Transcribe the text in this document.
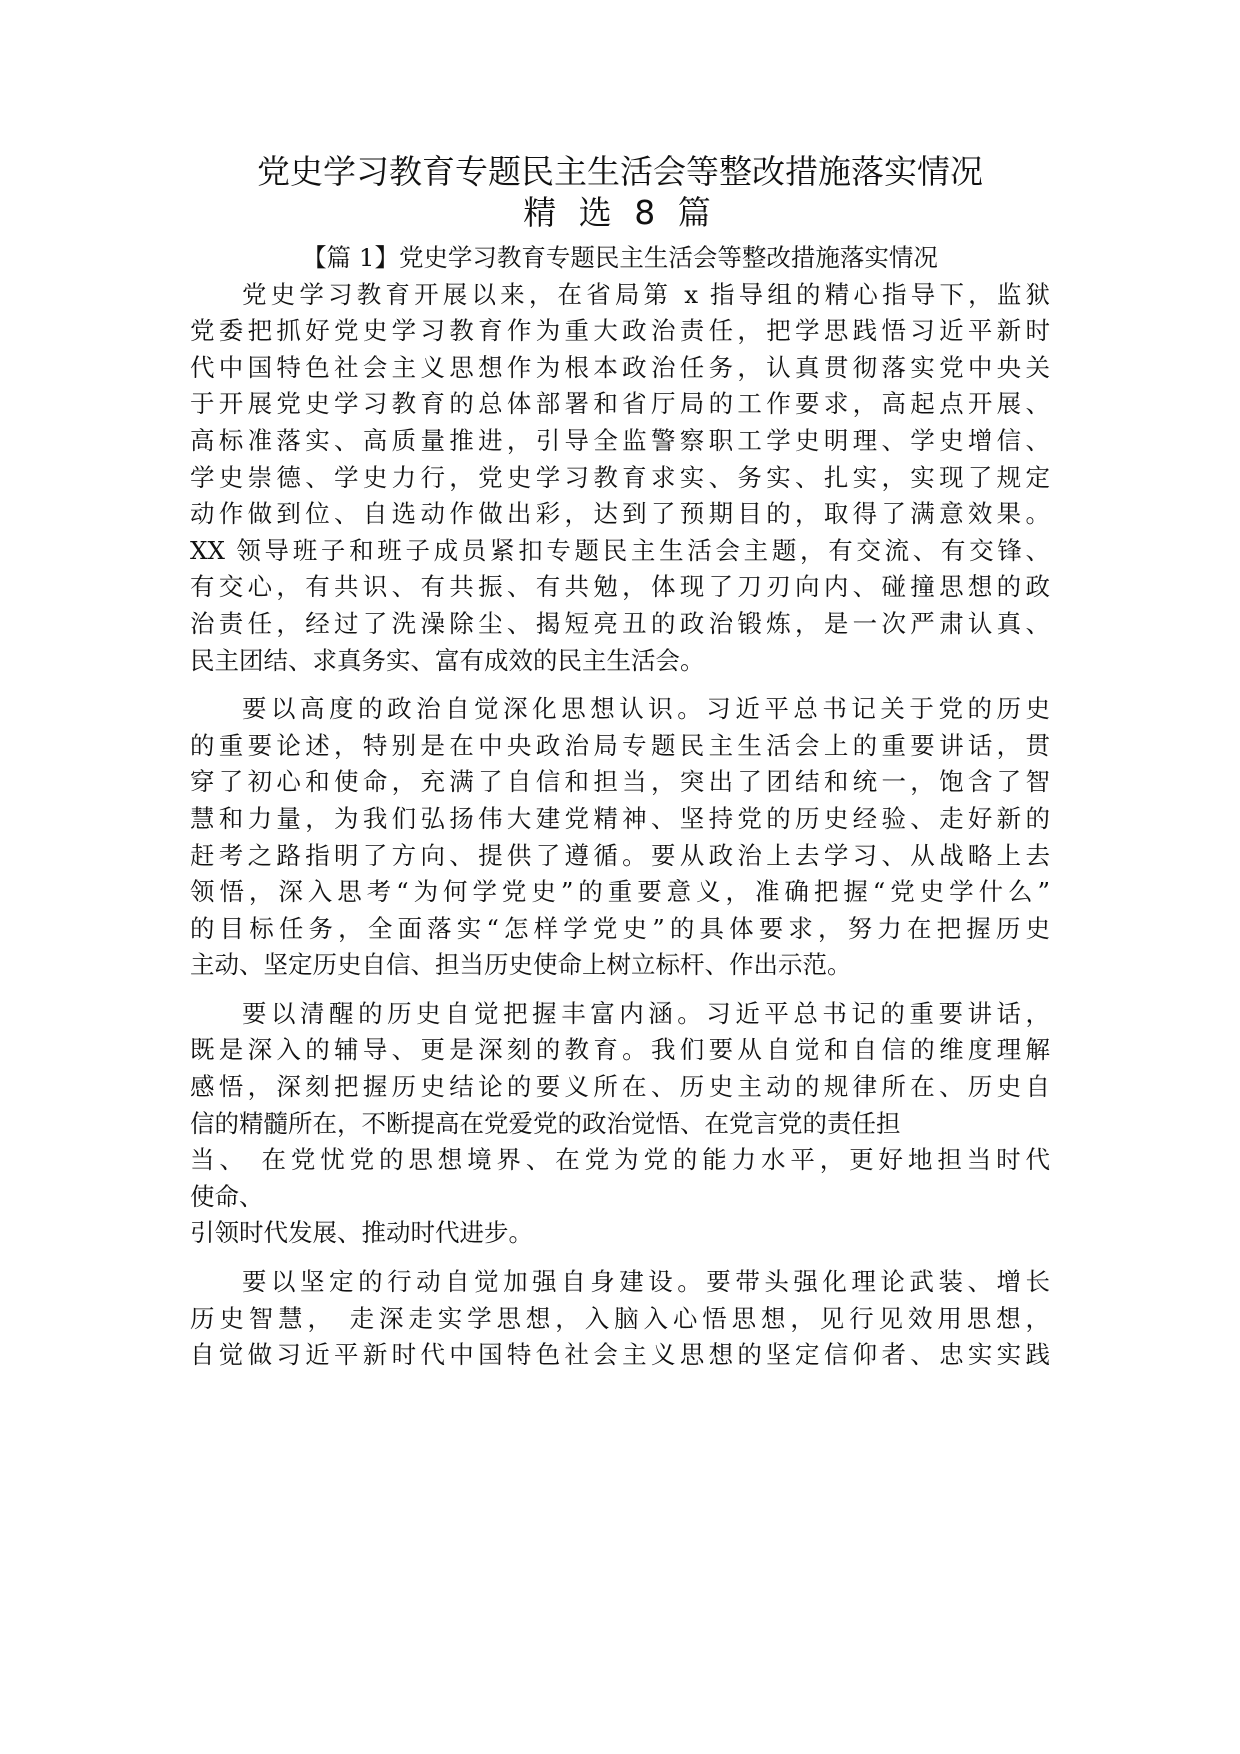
党史学习教育专题民主生活会等整改措施落实情况
精 选 8 篇
【篇 1】党史学习教育专题民主生活会等整改措施落实情况
党史学习教育开展以来，在省局第 x 指导组的精心指导下，监狱
党委把抓好党史学习教育作为重大政治责任，把学思践悟习近平新时
代中国特色社会主义思想作为根本政治任务，认真贯彻落实党中央关
于开展党史学习教育的总体部署和省厅局的工作要求，高起点开展、
高标准落实、高质量推进，引导全监警察职工学史明理、学史增信、
学史崇德、学史力行，党史学习教育求实、务实、扎实，实现了规定
动作做到位、自选动作做出彩，达到了预期目的，取得了满意效果。
XX 领导班子和班子成员紧扣专题民主生活会主题，有交流、有交锋、
有交心，有共识、有共振、有共勉，体现了刀刃向内、碰撞思想的政
治责任，经过了洗澡除尘、揭短亮丑的政治锻炼，是一次严肃认真、
民主团结、求真务实、富有成效的民主生活会。
要以高度的政治自觉深化思想认识。习近平总书记关于党的历史
的重要论述，特别是在中央政治局专题民主生活会上的重要讲话，贯
穿了初心和使命，充满了自信和担当，突出了团结和统一，饱含了智
慧和力量，为我们弘扬伟大建党精神、坚持党的历史经验、走好新的
赶考之路指明了方向、提供了遵循。要从政治上去学习、从战略上去
领悟，深入思考“为何学党史”的重要意义，准确把握“党史学什么”
的目标任务，全面落实“怎样学党史”的具体要求，努力在把握历史
主动、坚定历史自信、担当历史使命上树立标杆、作出示范。
要以清醒的历史自觉把握丰富内涵。习近平总书记的重要讲话，
既是深入的辅导、更是深刻的教育。我们要从自觉和自信的维度理解
感悟，深刻把握历史结论的要义所在、历史主动的规律所在、历史自
信的精髓所在，不断提高在党爱党的政治觉悟、在党言党的责任担
当、 在党忧党的思想境界、在党为党的能力水平，更好地担当时代
使命、
引领时代发展、推动时代进步。
要以坚定的行动自觉加强自身建设。要带头强化理论武装、增长
历史智慧， 走深走实学思想，入脑入心悟思想，见行见效用思想，
自觉做习近平新时代中国特色社会主义思想的坚定信仰者、忠实实践
